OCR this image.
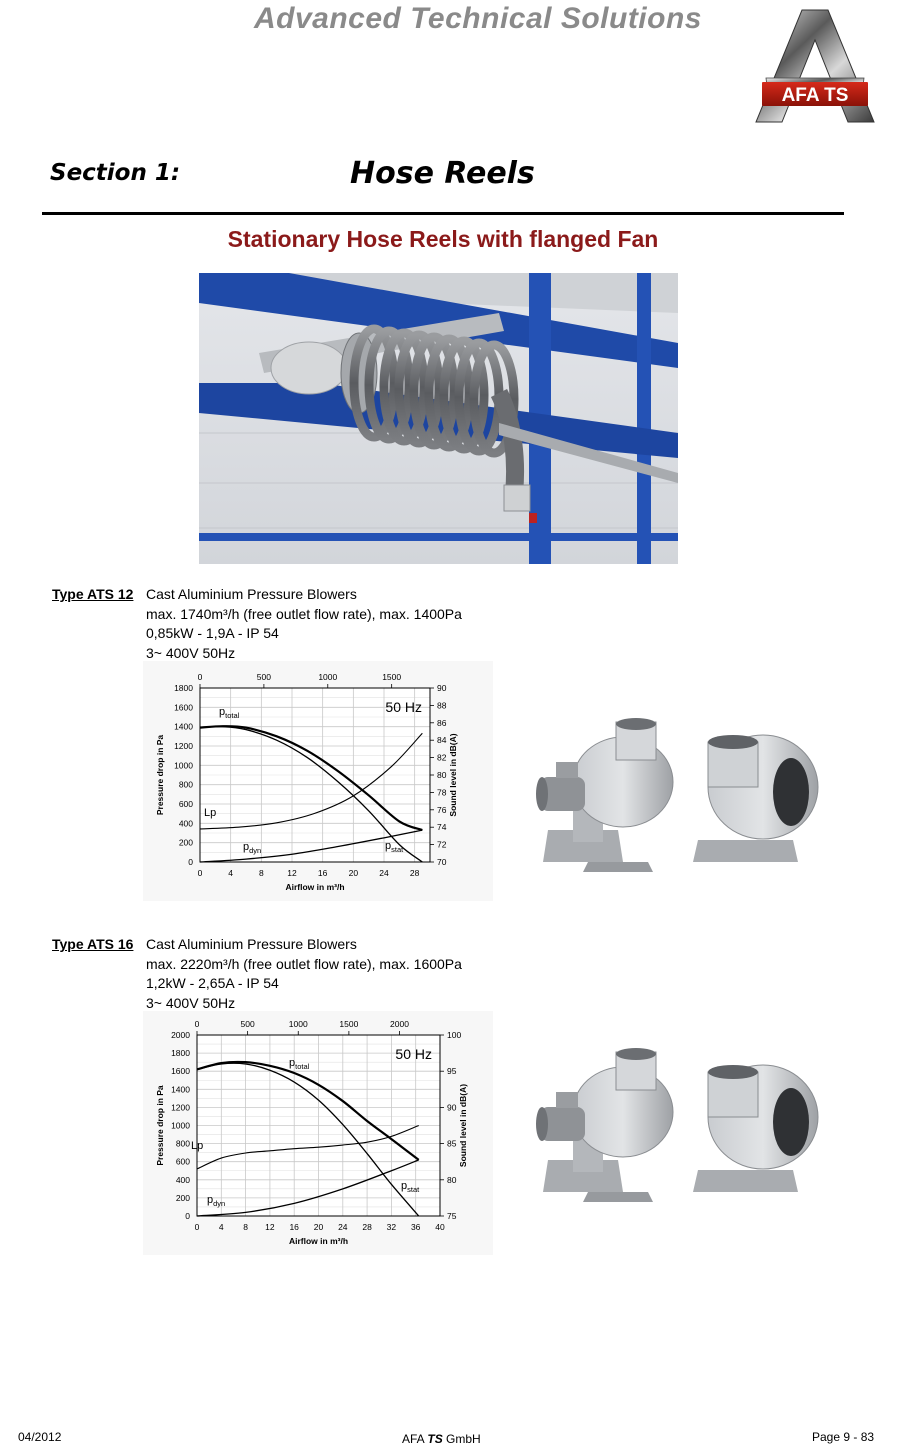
Advanced Technical Solutions
AFA TS
Section 1:	Hose Reels
Stationary Hose Reels with flanged Fan
Type ATS 12 Cast Aluminium Pressure Blowers
max. 1740m³/h (free outlet flow rate), max. 1400Pa
0,85kW - 1,9A - IP 54
3~ 400V 50Hz
0
200
400
600
800
1000
1200
1400
1600
1800
0	4	8	12 16 20 24 28
0	500	1000	1500
70
72
74
76
78
80
82
84
86
88
90
$p_{total}$
$p_{stat}$
$p_{dyn}$
Lp
50 Hz
Airflow in m³/h
Pressure drop in Pa	Sound level in dB(A)
Type ATS 16 Cast Aluminium Pressure Blowers
max. 2220m³/h (free outlet flow rate), max. 1600Pa
1,2kW - 2,65A - IP 54
3~ 400V 50Hz
0
200
400
600
800
1000
1200
1400
1600
1800
2000
0 4 8 12 16 20 24 28 32 36 40
0	500	1000	1500	2000
75
80
85
90
95
100
$p_{total}$
$p_{stat}$
$p_{dyn}$
Lp
50 Hz
Airflow in m³/h
Pressure drop in Pa	Sound level in dB(A)
04/2012	AFA TS GmbH	Page 9 - 83
